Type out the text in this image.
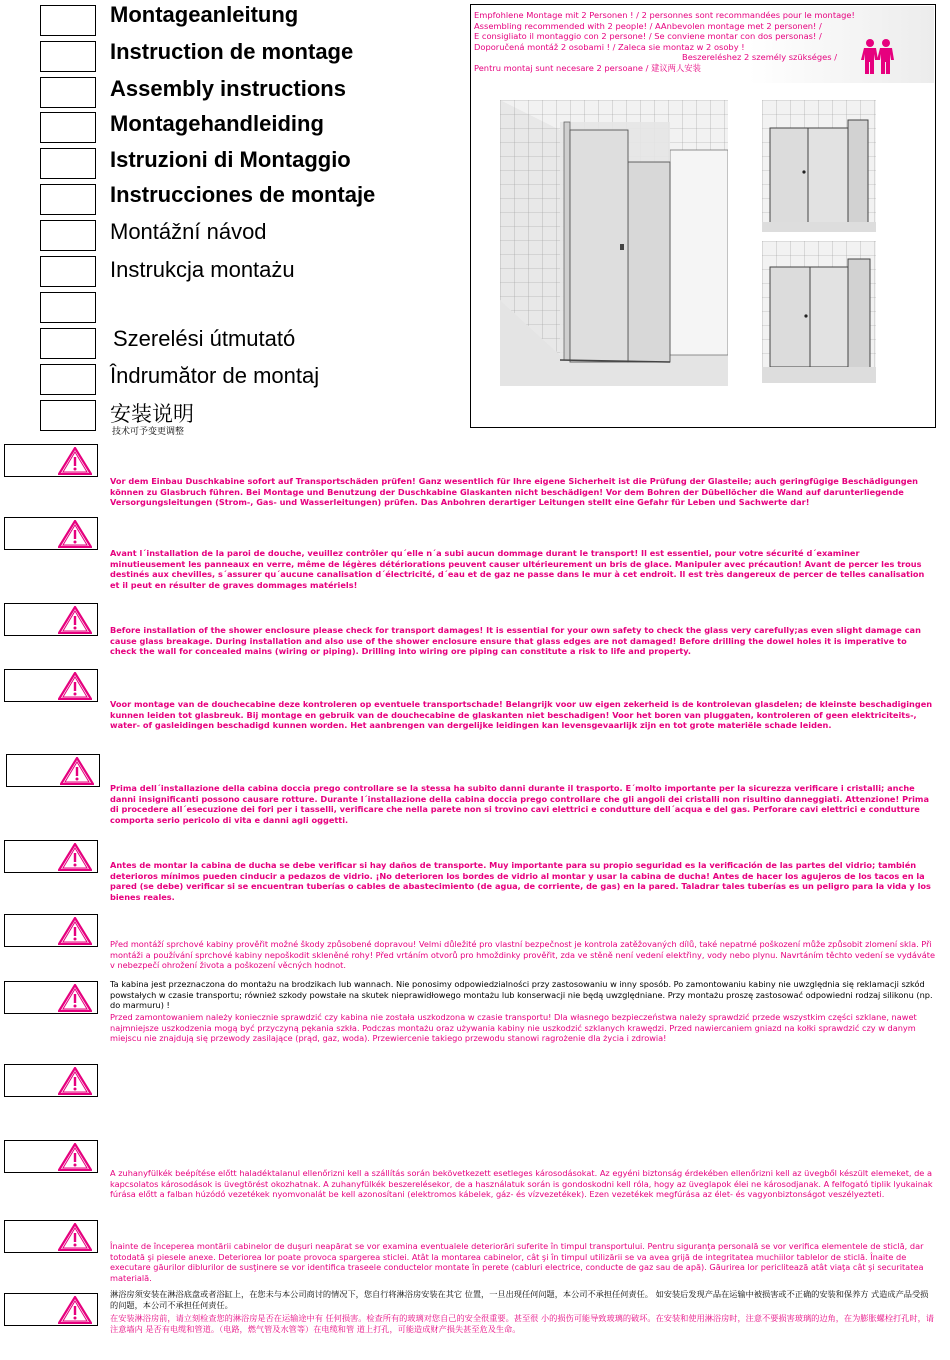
Montageanleitung
Instruction de montage
Assembly instructions
Montagehandleiding
Istruzioni di Montaggio
Instrucciones de montaje
Montážní návod
Instrukcja montażu
Szerelési útmutató
Îndrumător de montaj
安装说明
技术可予变更调整
Empfohlene Montage mit 2 Personen ! / 2 personnes sont recommandées pour le montage!
Assembling recommended with 2 people! / AAnbevolen montage met 2 personen! /
E consigliato il montaggio con 2 persone! / Se conviene montar con dos personas! /
Doporučená montáž 2 osobami ! / Zaleca sie montaz w 2 osoby !
Beszereléshez 2 személy szükséges /
Pentru montaj sunt necesare 2 persoane / 建议两人安装
Vor dem Einbau Duschkabine sofort auf Transportschäden prüfen! Ganz wesentlich für Ihre eigene Sicherheit ist die Prüfung der Glasteile; auch geringfügige Beschädigungen können zu Glasbruch führen. Bei Montage und Benutzung der Duschkabine Glaskanten nicht beschädigen! Vor dem Bohren der Dübellöcher die Wand auf darunterliegende Versorgungsleitungen (Strom-, Gas- und Wasserleitungen) prüfen. Das Anbohren derartiger Leitungen stellt eine Gefahr für Leben und Sachwerte dar!
Avant l´installation de la paroi de douche, veuillez contrôler qu´elle n´a subi aucun dommage durant le transport! Il est essentiel, pour votre sécurité d´examiner minutieusement les panneaux en verre, même de légères détériorations peuvent causer ultérieurement un bris de glace. Manipuler avec précaution! Avant de percer les trous destinés aux chevilles, s´assurer qu´aucune canalisation d´électricité, d´eau et de gaz ne passe dans le mur à cet endroit. Il est très dangereux de percer de telles canalisation et il peut en résulter de graves dommages matériels!
Before installation of the shower enclosure please check for transport damages! It is essential for your own safety to check the glass very carefully;as even slight damage can cause glass breakage. During installation and also use of the shower enclosure ensure that glass edges are not damaged! Before drilling the dowel holes it is imperative to check the wall for concealed mains (wiring or piping). Drilling into wiring ore piping can constitute a risk to life and property.
Voor montage van de douchecabine deze kontroleren op eventuele transportschade! Belangrijk voor uw eigen zekerheid is de kontrolevan glasdelen; de kleinste beschadigingen kunnen leiden tot glasbreuk. Bij montage en gebruik van de douchecabine de glaskanten niet beschadigen! Voor het boren van pluggaten, kontroleren of geen elektriciteits-, water- of gasleidingen beschadigd kunnen worden. Het aanbrengen van dergelijke leidingen kan levensgevaarlijk zijn en tot grote materiële schade leiden.
Prima dell´installazione della cabina doccia prego controllare se la stessa ha subito danni durante il trasporto. E´molto importante per la sicurezza verificare i cristalli; anche danni insignificanti possono causare rotture. Durante l´installazione della cabina doccia prego controllare che gli angoli dei cristalli non risultino danneggiati. Attenzione! Prima di procedere all´esecuzione dei fori per i tasselli, verificare che nella parete non si trovino cavi elettrici e condutture dell´acqua e del gas. Perforare cavi elettrici e condutture comporta serio pericolo di vita e danni agli oggetti.
Antes de montar la cabina de ducha se debe verificar si hay daños de transporte. Muy importante para su propio seguridad es la verificación de las partes del vidrio; también deterioros mínimos pueden cinducir a pedazos de vidrio. ¡No deterioren los bordes de vidrio al montar y usar la cabina de ducha! Antes de hacer los agujeros de los tacos en la pared (se debe) verificar si se encuentran tuberías o cables de abastecimiento (de agua, de corriente, de gas) en la pared. Taladrar tales tuberías es un peligro para la vida y los bienes reales.
Před montáží sprchové kabiny prověřit možné škody způsobené dopravou! Velmi důležité pro vlastní bezpečnost je kontrola zatěžovaných dílů, také nepatrné poškození může způsobit zlomení skla. Při montáži a používání sprchové kabiny nepoškodit skleněné rohy! Před vrtáním otvorů pro hmoždinky prověřit, zda ve stěně není vedení elektřiny, vody nebo plynu. Navrtáním těchto vedení se vydáváte v nebezpečí ohrožení života a poškození věcných hodnot.
Ta kabina jest przeznaczona do montażu na brodzikach lub wannach. Nie ponosimy odpowiedzialności przy zastosowaniu w inny sposób. Po zamontowaniu kabiny nie uwzględnia się reklamacji szkód powstałych w czasie transportu; również szkody powstałe na skutek nieprawidłowego montażu lub konserwacji nie będą uwzględniane. Przy montażu proszę zastosować odpowiedni rodzaj silikonu (np. do marmuru) !
Przed zamontowaniem należy koniecznie sprawdzić czy kabina nie została uszkodzona w czasie transportu! Dla własnego bezpieczeństwa należy sprawdzić przede wszystkim części szklane, nawet najmniejsze uszkodzenia mogą być przyczyną pękania szkła. Podczas montażu oraz używania kabiny nie uszkodzić szklanych krawędzi. Przed nawiercaniem gniazd na kołki sprawdzić czy w danym miejscu nie znajdują się przewody zasilające (prąd, gaz, woda). Przewiercenie takiego przewodu stanowi ragrożenie dla życia i zdrowia!
A zuhanyfülkék beépítése előtt haladéktalanul ellenőrizni kell a szállítás során bekövetkezett esetleges károsodásokat. Az egyéni biztonság érdekében ellenőrizni kell az üvegből készült elemeket, de a kapcsolatos károsodások is üvegtörést okozhatnak. A zuhanyfülkék beszerelésekor, de a használatuk során is gondoskodni kell róla, hogy az üveglapok élei ne károsodjanak. A felfogató tiplik lyukainak fúrása előtt a falban húzódó vezetékek nyomvonalát be kell azonosítani (elektromos kábelek, gáz- és vízvezetékek). Ezen vezetékek megfúrása az élet- és vagyonbiztonságot veszélyezteti.
Înainte de începerea montării cabinelor de duşuri neapărat se vor examina eventualele deteriorări suferite în timpul transportului. Pentru siguranţa personală se vor verifica elementele de sticlă, dar totodată şi piesele anexe. Deteriorea lor poate provoca spargerea sticlei. Atât la montarea cabinelor, cât şi în timpul utilizării se va avea grijă de integritatea muchiilor tablelor de sticlă. Înaite de executare găurilor diblurilor de susţinere se vor identifica traseele conductelor montate în perete (cabluri electrice, conducte de gaz sau de apă). Găurirea lor periclitează atât viaţa cât şi securitatea materială.
淋浴房须安装在淋浴底盘或者浴缸上，在您未与本公司商讨的情况下，您自行将淋浴房安装在其它 位置，一旦出现任何问题，本公司不承担任何责任。 如安装后发现产品在运输中被损害或不正确的安装和保养方 式造成产品受损的问题，本公司不承担任何责任。
在安装淋浴房前，请立刻检查您的淋浴房是否在运输途中有 任何损害。检查所有的玻璃对您自己的安全很重要。甚至很 小的损伤可能导致玻璃的破坏。在安装和使用淋浴房时，注意不要损害玻璃的边角，在为膨胀螺栓打孔时，请注意墙内 是否有电缆和管道。（电路，燃气管及水管等）在电缆和管 道上打孔，可能造成财产损失甚至危及生命。
